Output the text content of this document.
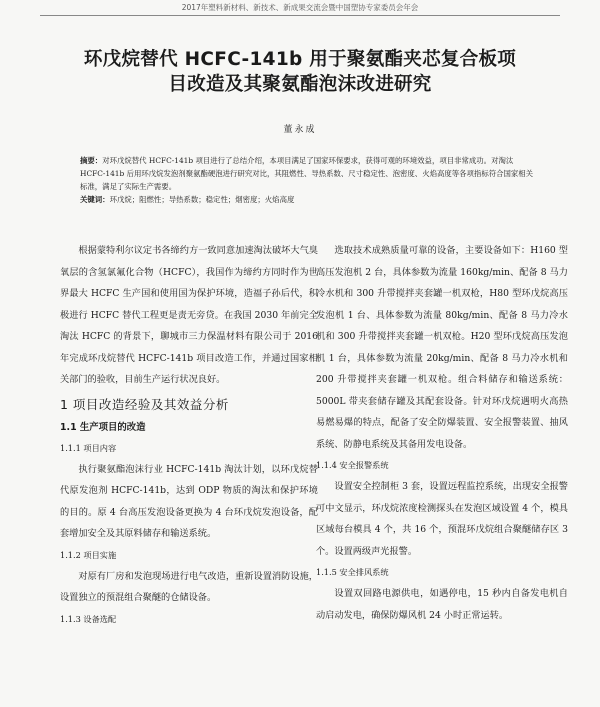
2017年塑料新材料、新技术、新成果交流会暨中国塑协专家委员会年会
环戊烷替代 HCFC-141b 用于聚氨酯夹芯复合板项
目改造及其聚氨酯泡沫改进研究
董永成
摘要：对环戊烷替代 HCFC-141b 项目进行了总结介绍，本项目满足了国家环保要求，获得可观的环境效益，项目非常成功。对淘汰 HCFC-141b 后用环戊烷发泡剂聚氨酯硬泡进行研究对比，其阻燃性、导热系数、尺寸稳定性、泡密度、火焰高度等各项指标符合国家相关标准，满足了实际生产需要。
关键词：环戊烷；阻燃性；导热系数；稳定性；烟密度；火焰高度

根据蒙特利尔议定书各缔约方一致同意加速淘汰破坏大气臭氧层的含氢氯氟化合物（HCFC），我国作为缔约方同时作为世界最大 HCFC 生产国和使用国为保护环境，造福子孙后代，积极进行 HCFC 替代工程更是责无旁贷。在我国 2030 年前完全淘汰 HCFC 的背景下，聊城市三力保温材料有限公司于 2016 年完成环戊烷替代 HCFC-141b 项目改造工作，并通过国家相关部门的验收，目前生产运行状况良好。

1 项目改造经验及其效益分析
1.1 生产项目的改造
1.1.1 项目内容

执行聚氨酯泡沫行业 HCFC-141b 淘汰计划，以环戊烷替代原发泡剂 HCFC-141b，达到 ODP 物质的淘汰和保护环境的目的。原 4 台高压发泡设备更换为 4 台环戊烷发泡设备，配套增加安全及其原料储存和输送系统。

1.1.2 项目实施

对原有厂房和发泡现场进行电气改造，重新设置消防设施，设置独立的预混组合聚醚的仓储设备。

1.1.3 设备选配

选取技术成熟质量可靠的设备，主要设备如下：H160 型高压发泡机 2 台，具体参数为流量 160kg/min、配备 8 马力冷水机和 300 升带搅拌夹套罐一机双枪，H80 型环戊烷高压发泡机 1 台、具体参数为流量 80kg/min、配备 8 马力冷水机和 300 升带搅拌夹套罐一机双枪。H20 型环戊烷高压发泡机 1 台，具体参数为流量 20kg/min、配备 8 马力冷水机和 200 升带搅拌夹套罐一机双枪。组合料储存和输送系统：5000L 带夹套储存罐及其配套设备。针对环戊烷遇明火高热易燃易爆的特点，配备了安全防爆装置、安全报警装置、抽风系统、防静电系统及其备用发电设备。

1.1.4 安全报警系统

设置安全控制柜 3 套，设置远程监控系统，出现安全报警可中文显示，环戊烷浓度检测探头在发泡区域设置 4 个，模具区域每台模具 4 个，共 16 个，预混环戊烷组合聚醚储存区 3 个。设置两级声光报警。

1.1.5 安全排风系统

设置双回路电源供电，如遇停电，15 秒内自备发电机自动启动发电，确保防爆风机 24 小时正常运转。
